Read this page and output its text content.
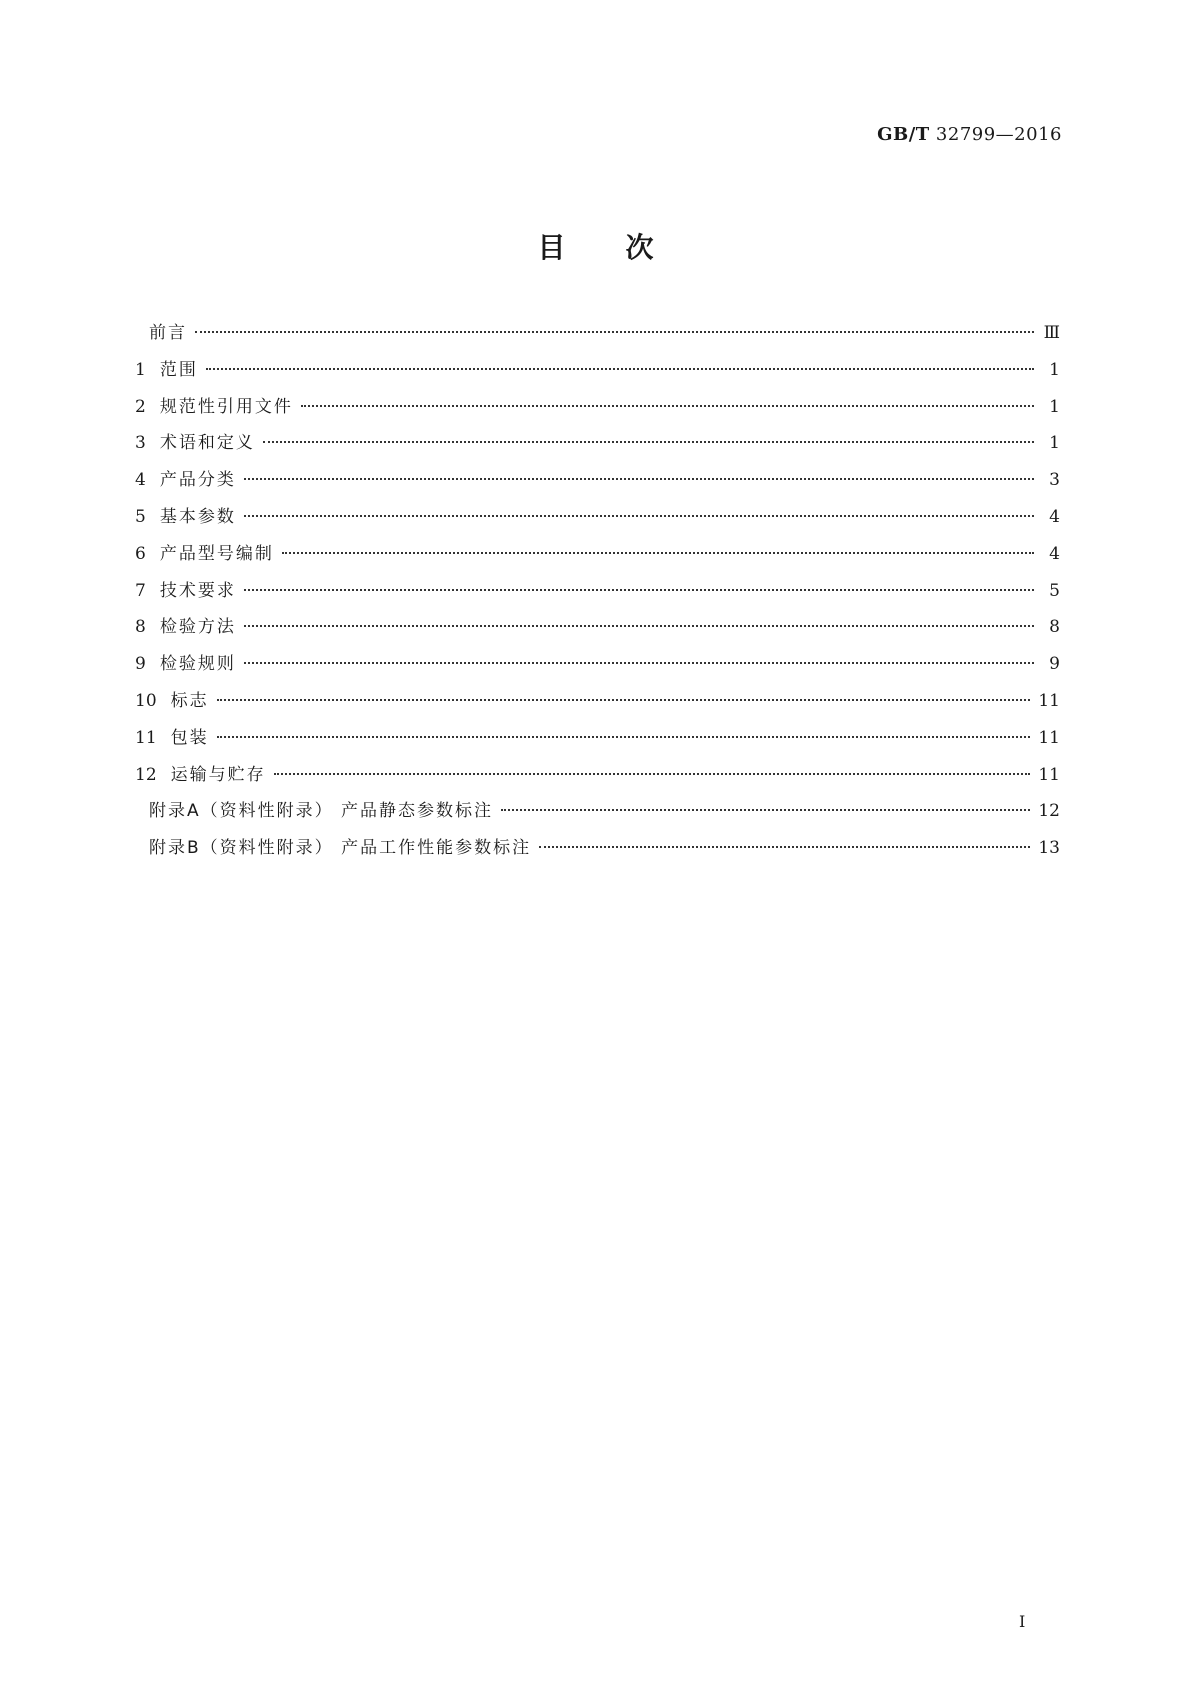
GB/T 32799—2016
目次
前言	Ⅲ
1 范围	1
2 规范性引用文件	1
3 术语和定义	1
4 产品分类	3
5 基本参数	4
6 产品型号编制	4
7 技术要求	5
8 检验方法	8
9 检验规则	9
10 标志	11
11 包装	11
12 运输与贮存	11
附录A（资料性附录） 产品静态参数标注	12
附录B（资料性附录） 产品工作性能参数标注	13
Ⅰ
